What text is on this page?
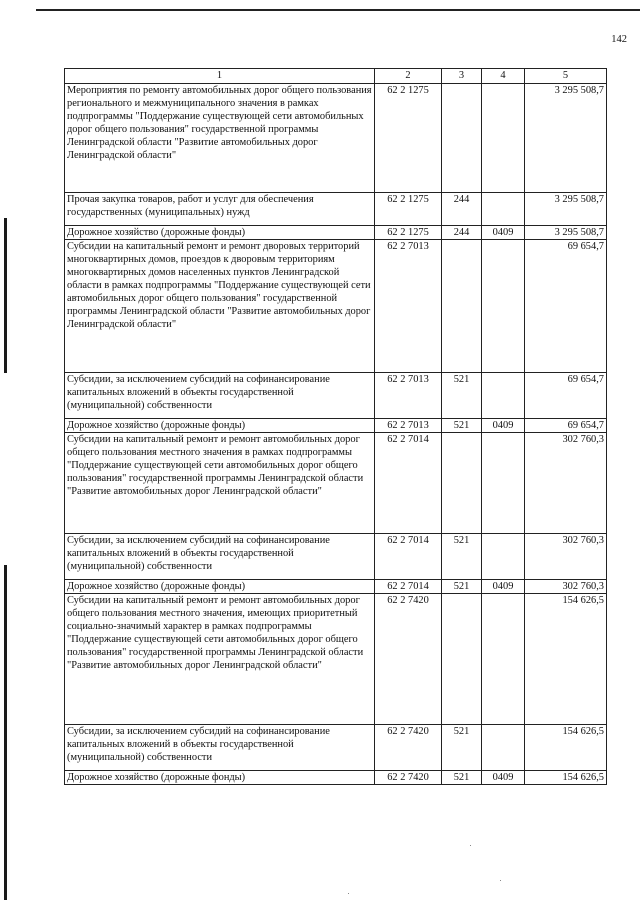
142
1	2	3	4	5
Мероприятия по ремонту автомобильных дорог общего пользования регионального и межмуниципального значения в рамках подпрограммы "Поддержание существующей сети автомобильных дорог общего пользования" государственной программы Ленинградской области "Развитие автомобильных дорог Ленинградской области"	62 2 1275			3 295 508,7
Прочая закупка товаров, работ и услуг для обеспечения государственных (муниципальных) нужд	62 2 1275	244		3 295 508,7
Дорожное хозяйство (дорожные фонды)	62 2 1275	244	0409	3 295 508,7
Субсидии на капитальный ремонт и ремонт дворовых территорий многоквартирных домов, проездов к дворовым территориям многоквартирных домов населенных пунктов Ленинградской области в рамках подпрограммы "Поддержание существующей сети автомобильных дорог общего пользования" государственной программы Ленинградской области "Развитие автомобильных дорог Ленинградской области"	62 2 7013			69 654,7
Субсидии, за исключением субсидий на софинансирование капитальных вложений в объекты государственной (муниципальной) собственности	62 2 7013	521		69 654,7
Дорожное хозяйство (дорожные фонды)	62 2 7013	521	0409	69 654,7
Субсидии на капитальный ремонт и ремонт автомобильных дорог общего пользования местного значения в рамках подпрограммы "Поддержание существующей сети автомобильных дорог общего пользования" государственной программы Ленинградской области "Развитие автомобильных дорог Ленинградской области"	62 2 7014			302 760,3
Субсидии, за исключением субсидий на софинансирование капитальных вложений в объекты государственной (муниципальной) собственности	62 2 7014	521		302 760,3
Дорожное хозяйство (дорожные фонды)	62 2 7014	521	0409	302 760,3
Субсидии на капитальный ремонт и ремонт автомобильных дорог общего пользования местного значения, имеющих приоритетный социально-значимый характер в рамках подпрограммы "Поддержание существующей сети автомобильных дорог общего пользования" государственной программы Ленинградской области "Развитие автомобильных дорог Ленинградской области"	62 2 7420			154 626,5
Субсидии, за исключением субсидий на софинансирование капитальных вложений в объекты государственной (муниципальной) собственности	62 2 7420	521		154 626,5
Дорожное хозяйство (дорожные фонды)	62 2 7420	521	0409	154 626,5
